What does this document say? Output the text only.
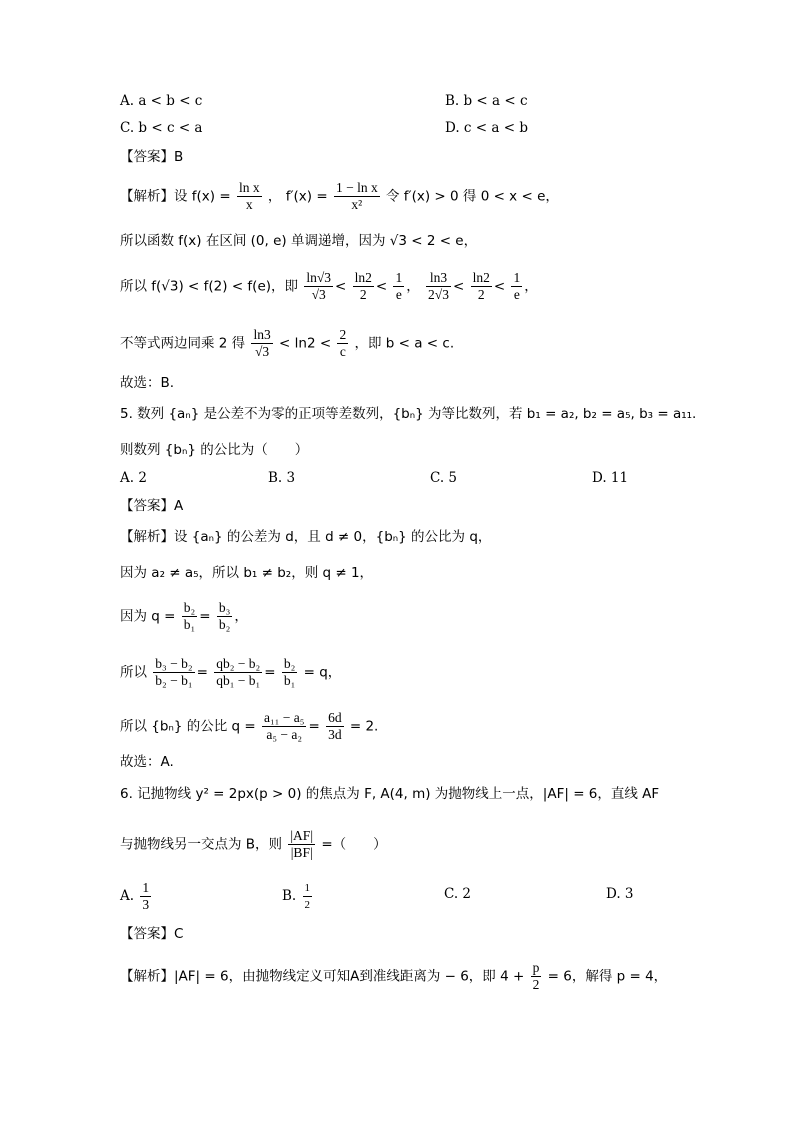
A. a < b < c	B. b < a < c
C. b < c < a	D. c < a < b
【答案】B
【解析】设 $f(x) = \frac{\text{ln x}}{x}$ ， $f'(x) = \frac{\text{1 − ln x}}{\text{x²}}$ 令 f′(x) > 0 得 0 < x < e，
所以函数 f(x) 在区间 (0, e) 单调递增，因为 √3 < 2 < e，
所以 f(√3) < f(2) < f(e)，即 $\frac{\ln√3}{√3} < \frac{\ln 2}{2} < \frac{1}{e}$ ， $\frac{\ln 3}{2√3} < \frac{\ln 2}{2} < \frac{1}{e}$ ，
不等式两边同乘 2 得 $\frac{\ln 3}{√3} < \ln 2 < \frac{2}{c}$ ，即 b < a < c.
故选：B.
5. 数列 {aₙ} 是公差不为零的正项等差数列，{bₙ} 为等比数列，若 b₁ = a₂, b₂ = a₅, b₃ = a₁₁.
则数列 {bₙ} 的公比为（　　）
A. 2	B. 3	C. 5	D. 11
【答案】A
【解析】设 {aₙ} 的公差为 d，且 d ≠ 0，{bₙ} 的公比为 q，
因为 a₂ ≠ a₅，所以 b₁ ≠ b₂，则 q ≠ 1，
因为 $q = \frac{\text{b₂}}{\text{b₁}} = \frac{\text{b₃}}{\text{b₂}}$ ，
所以 $\frac{\text{b₃ − b₂}}{\text{b₂ − b₁}} = \frac{\text{qb₂ − b₂}}{\text{qb₁ − b₁}} = \frac{\text{b₂}}{\text{b₁}} = q$，
所以 {bₙ} 的公比 $q = \frac{\text{a₁₁ − a₅}}{\text{a₅ − a₂}} = \frac{6d}{3d} = 2$.
故选：A.
6. 记抛物线 y² = 2px(p > 0) 的焦点为 F, A(4, m) 为抛物线上一点，|AF| = 6，直线 AF
与抛物线另一交点为 B，则 $\frac{|AF|}{|BF|}$ =（　　）
A. $\frac{1}{3}$	B. $\frac{1}{2}$	C. 2	D. 3
【答案】C
【解析】|AF| = 6，由抛物线定义可知A到准线距离为 − 6，即 $4 + \frac{p}{2} = 6$，解得 p = 4，
